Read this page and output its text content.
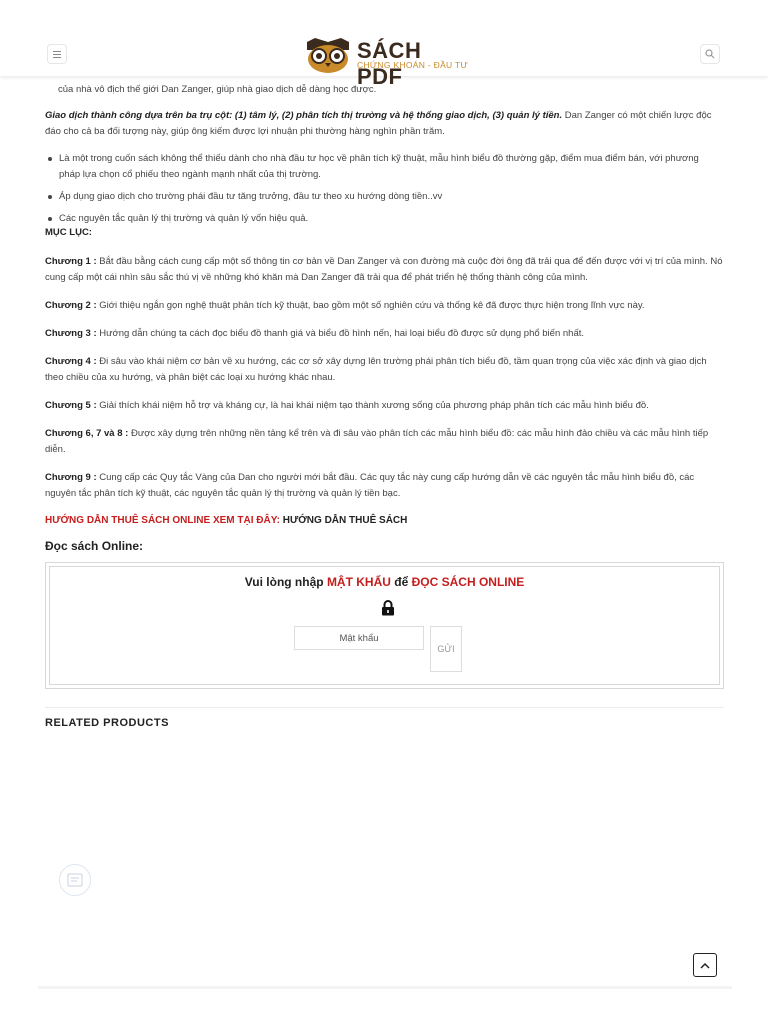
SÁCH PDF
CHỨNG KHOÁN - ĐẦU TƯ

của nhà vô địch thế giới Dan Zanger, giúp nhà giao dịch dễ dàng học được.

Giao dịch thành công dựa trên ba trụ cột: (1) tâm lý, (2) phân tích thị trường và hệ thống giao dịch, (3) quản lý tiền. Dan Zanger có một chiến lược độc đáo cho cả ba đối tượng này, giúp ông kiếm được lợi nhuận phi thường hàng nghìn phần trăm.

Là một trong cuốn sách không thể thiếu dành cho nhà đầu tư học về phân tích kỹ thuật, mẫu hình biểu đồ thường gặp, điểm mua điểm bán, với phương pháp lựa chọn cổ phiếu theo ngành mạnh nhất của thị trường.
Áp dụng giao dịch cho trường phái đầu tư tăng trưởng, đầu tư theo xu hướng dòng tiền..vv
Các nguyên tắc quản lý thị trường và quản lý vốn hiệu quả.
MỤC LỤC:

Chương 1 : Bắt đầu bằng cách cung cấp một số thông tin cơ bản về Dan Zanger và con đường mà cuộc đời ông đã trải qua để đến được với vị trí của mình. Nó cung cấp một cái nhìn sâu sắc thú vị về những khó khăn mà Dan Zanger đã trải qua để phát triển hệ thống thành công của mình.

Chương 2 : Giới thiệu ngắn gọn nghệ thuật phân tích kỹ thuật, bao gồm một số nghiên cứu và thống kê đã được thực hiện trong lĩnh vực này.

Chương 3 : Hướng dẫn chúng ta cách đọc biểu đồ thanh giá và biểu đồ hình nến, hai loại biểu đồ được sử dụng phổ biến nhất.

Chương 4 : Đi sâu vào khái niệm cơ bản về xu hướng, các cơ sở xây dựng lên trường phái phân tích biểu đồ, tầm quan trọng của việc xác định và giao dịch theo chiều của xu hướng, và phân biệt các loại xu hướng khác nhau.

Chương 5 : Giải thích khái niệm hỗ trợ và kháng cự, là hai khái niệm tạo thành xương sống của phương pháp phân tích các mẫu hình biểu đồ.

Chương 6, 7 và 8 : Được xây dựng trên những nền tảng kể trên và đi sâu vào phân tích các mẫu hình biểu đồ: các mẫu hình đảo chiều và các mẫu hình tiếp diễn.

Chương 9 : Cung cấp các Quy tắc Vàng của Dan cho người mới bắt đầu. Các quy tắc này cung cấp hướng dẫn về các nguyên tắc mẫu hình biểu đồ, các nguyên tắc phân tích kỹ thuật, các nguyên tắc quản lý thị trường và quản lý tiền bạc.

HƯỚNG DẪN THUÊ SÁCH ONLINE XEM TẠI ĐÂY: HƯỚNG DẪN THUÊ SÁCH
Đọc sách Online:
Vui lòng nhập MẬT KHẨU để ĐỌC SÁCH ONLINE
GỬI
RELATED PRODUCTS
